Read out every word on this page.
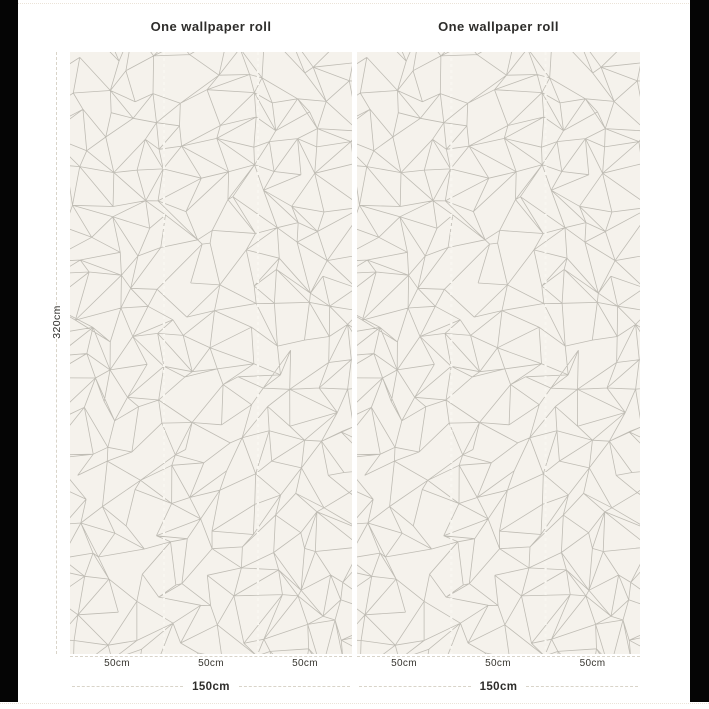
320cm
One wallpaper roll
50cm	50cm	50cm
150cm
One wallpaper roll
50cm	50cm	50cm
150cm
